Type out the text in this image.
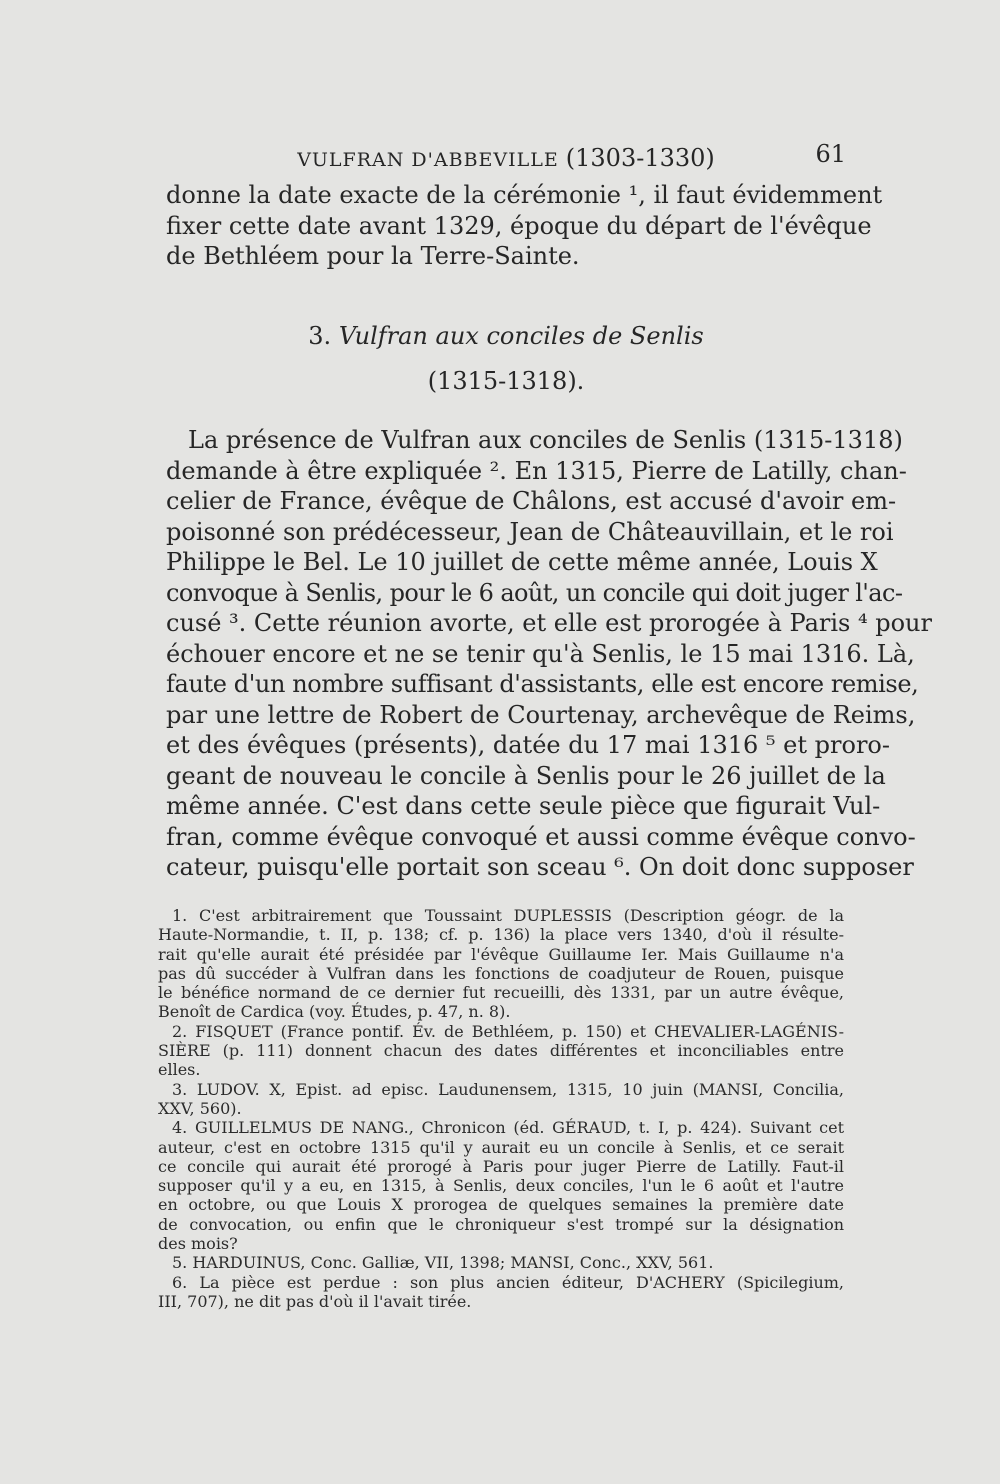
VULFRAN D'ABBEVILLE (1303-1330)	61
donne la date exacte de la cérémonie ¹, il faut évidemment
fixer cette date avant 1329, époque du départ de l'évêque
de Bethléem pour la Terre-Sainte.
3. Vulfran aux conciles de Senlis
(1315-1318).
La présence de Vulfran aux conciles de Senlis (1315-1318)
demande à être expliquée ². En 1315, Pierre de Latilly, chan-
celier de France, évêque de Châlons, est accusé d'avoir em-
poisonné son prédécesseur, Jean de Châteauvillain, et le roi
Philippe le Bel. Le 10 juillet de cette même année, Louis X
convoque à Senlis, pour le 6 août, un concile qui doit juger l'ac-
cusé ³. Cette réunion avorte, et elle est prorogée à Paris ⁴ pour
échouer encore et ne se tenir qu'à Senlis, le 15 mai 1316. Là,
faute d'un nombre suffisant d'assistants, elle est encore remise,
par une lettre de Robert de Courtenay, archevêque de Reims,
et des évêques (présents), datée du 17 mai 1316 ⁵ et proro-
geant de nouveau le concile à Senlis pour le 26 juillet de la
même année. C'est dans cette seule pièce que figurait Vul-
fran, comme évêque convoqué et aussi comme évêque convo-
cateur, puisqu'elle portait son sceau ⁶. On doit donc supposer
1. C'est arbitrairement que Toussaint DUPLESSIS (Description géogr. de la
Haute-Normandie, t. II, p. 138; cf. p. 136) la place vers 1340, d'où il résulte-
rait qu'elle aurait été présidée par l'évêque Guillaume Ier. Mais Guillaume n'a
pas dû succéder à Vulfran dans les fonctions de coadjuteur de Rouen, puisque
le bénéfice normand de ce dernier fut recueilli, dès 1331, par un autre évêque,
Benoît de Cardica (voy. Études, p. 47, n. 8).
2. FISQUET (France pontif. Év. de Bethléem, p. 150) et CHEVALIER-LAGÉNIS-
SIÈRE (p. 111) donnent chacun des dates différentes et inconciliables entre
elles.
3. LUDOV. X, Epist. ad episc. Laudunensem, 1315, 10 juin (MANSI, Concilia,
XXV, 560).
4. GUILLELMUS DE NANG., Chronicon (éd. GÉRAUD, t. I, p. 424). Suivant cet
auteur, c'est en octobre 1315 qu'il y aurait eu un concile à Senlis, et ce serait
ce concile qui aurait été prorogé à Paris pour juger Pierre de Latilly. Faut-il
supposer qu'il y a eu, en 1315, à Senlis, deux conciles, l'un le 6 août et l'autre
en octobre, ou que Louis X prorogea de quelques semaines la première date
de convocation, ou enfin que le chroniqueur s'est trompé sur la désignation
des mois?
5. HARDUINUS, Conc. Galliæ, VII, 1398; MANSI, Conc., XXV, 561.
6. La pièce est perdue : son plus ancien éditeur, D'ACHERY (Spicilegium,
III, 707), ne dit pas d'où il l'avait tirée.
